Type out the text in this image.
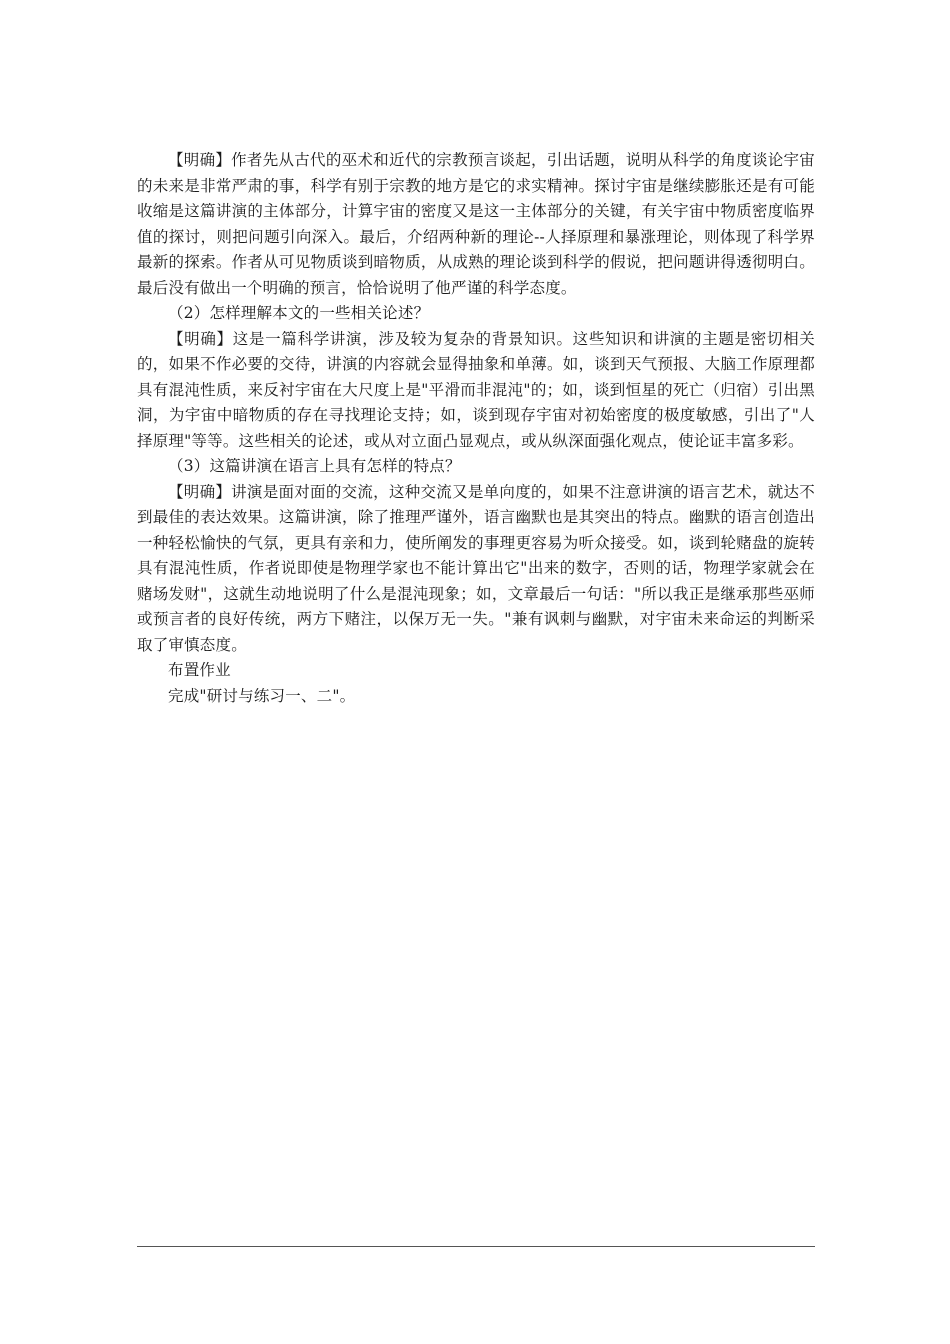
【明确】作者先从古代的巫术和近代的宗教预言谈起，引出话题，说明从科学的角度谈论宇宙的未来是非常严肃的事，科学有别于宗教的地方是它的求实精神。探讨宇宙是继续膨胀还是有可能收缩是这篇讲演的主体部分，计算宇宙的密度又是这一主体部分的关键，有关宇宙中物质密度临界值的探讨，则把问题引向深入。最后，介绍两种新的理论--人择原理和暴涨理论，则体现了科学界最新的探索。作者从可见物质谈到暗物质，从成熟的理论谈到科学的假说，把问题讲得透彻明白。最后没有做出一个明确的预言，恰恰说明了他严谨的科学态度。

（2）怎样理解本文的一些相关论述？

【明确】这是一篇科学讲演，涉及较为复杂的背景知识。这些知识和讲演的主题是密切相关的，如果不作必要的交待，讲演的内容就会显得抽象和单薄。如，谈到天气预报、大脑工作原理都具有混沌性质，来反衬宇宙在大尺度上是"平滑而非混沌"的；如，谈到恒星的死亡（归宿）引出黑洞，为宇宙中暗物质的存在寻找理论支持；如，谈到现存宇宙对初始密度的极度敏感，引出了"人择原理"等等。这些相关的论述，或从对立面凸显观点，或从纵深面强化观点，使论证丰富多彩。

（3）这篇讲演在语言上具有怎样的特点？

【明确】讲演是面对面的交流，这种交流又是单向度的，如果不注意讲演的语言艺术，就达不到最佳的表达效果。这篇讲演，除了推理严谨外，语言幽默也是其突出的特点。幽默的语言创造出一种轻松愉快的气氛，更具有亲和力，使所阐发的事理更容易为听众接受。如，谈到轮赌盘的旋转具有混沌性质，作者说即使是物理学家也不能计算出它"出来的数字，否则的话，物理学家就会在赌场发财"，这就生动地说明了什么是混沌现象；如，文章最后一句话："所以我正是继承那些巫师或预言者的良好传统，两方下赌注，以保万无一失。"兼有讽刺与幽默，对宇宙未来命运的判断采取了审慎态度。

布置作业

完成"研讨与练习一、二"。
